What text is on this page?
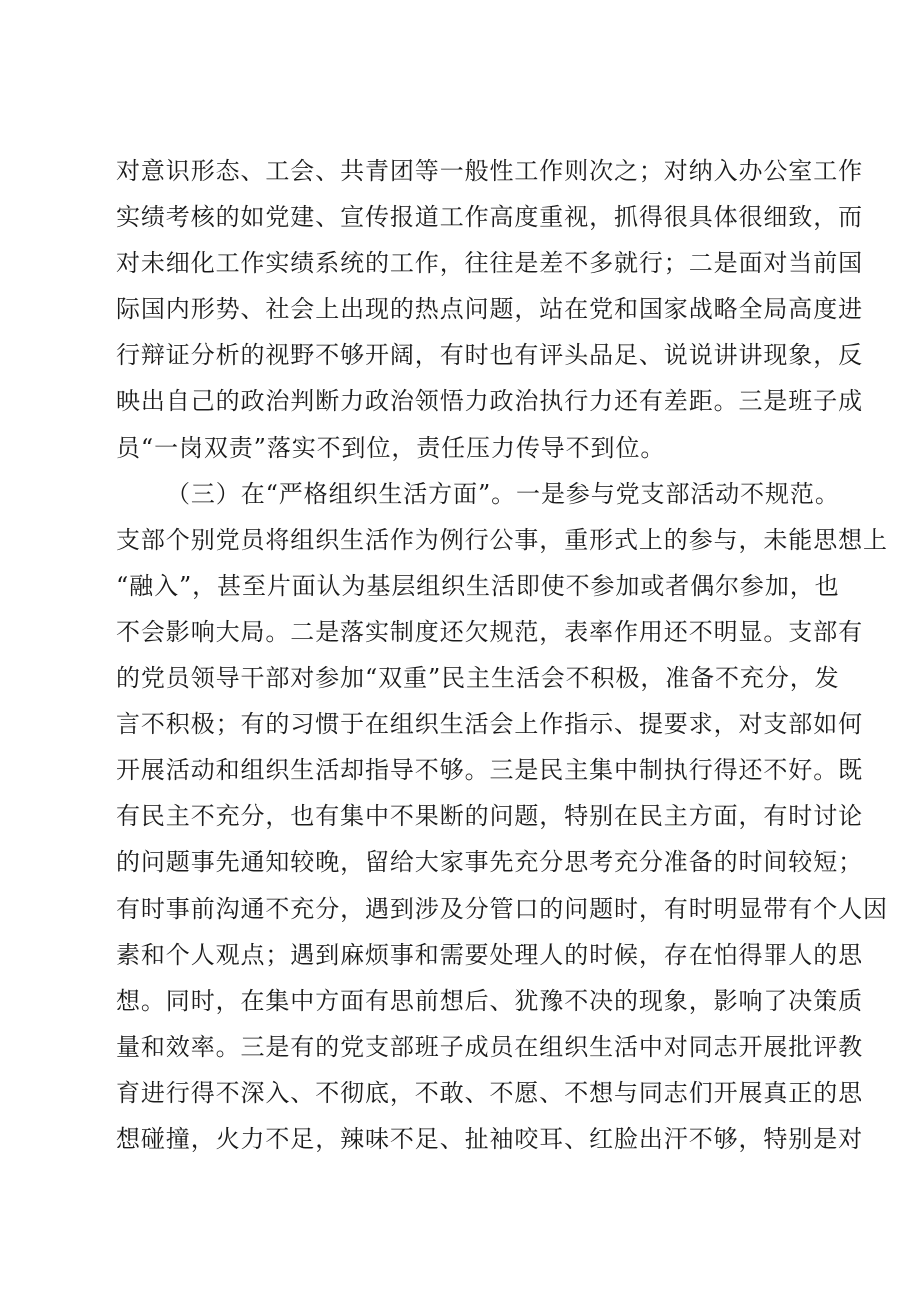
对意识形态、工会、共青团等一般性工作则次之；对纳入办公室工作
实绩考核的如党建、宣传报道工作高度重视，抓得很具体很细致，而
对未细化工作实绩系统的工作，往往是差不多就行；二是面对当前国
际国内形势、社会上出现的热点问题，站在党和国家战略全局高度进
行辩证分析的视野不够开阔，有时也有评头品足、说说讲讲现象，反
映出自己的政治判断力政治领悟力政治执行力还有差距。三是班子成
员“一岗双责”落实不到位，责任压力传导不到位。
（三）在“严格组织生活方面”。一是参与党支部活动不规范。
支部个别党员将组织生活作为例行公事，重形式上的参与，未能思想上
“融入”，甚至片面认为基层组织生活即使不参加或者偶尔参加，也
不会影响大局。二是落实制度还欠规范，表率作用还不明显。支部有
的党员领导干部对参加“双重”民主生活会不积极，准备不充分，发
言不积极；有的习惯于在组织生活会上作指示、提要求，对支部如何
开展活动和组织生活却指导不够。三是民主集中制执行得还不好。既
有民主不充分，也有集中不果断的问题，特别在民主方面，有时讨论
的问题事先通知较晚，留给大家事先充分思考充分准备的时间较短；
有时事前沟通不充分，遇到涉及分管口的问题时，有时明显带有个人因
素和个人观点；遇到麻烦事和需要处理人的时候，存在怕得罪人的思
想。同时，在集中方面有思前想后、犹豫不决的现象，影响了决策质
量和效率。三是有的党支部班子成员在组织生活中对同志开展批评教
育进行得不深入、不彻底，不敢、不愿、不想与同志们开展真正的思
想碰撞，火力不足，辣味不足、扯袖咬耳、红脸出汗不够，特别是对
